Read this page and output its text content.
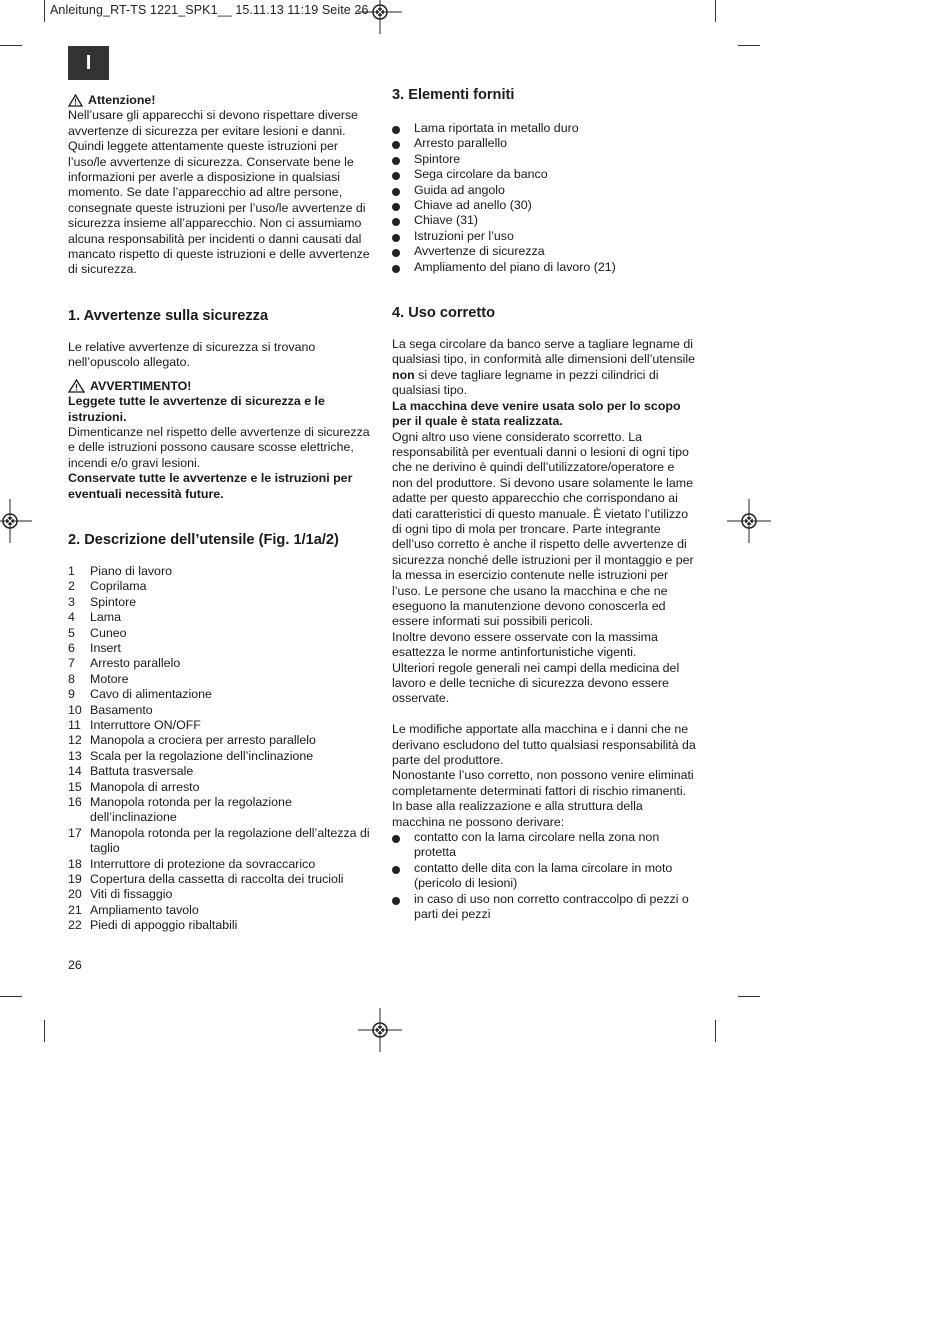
Anleitung_RT-TS 1221_SPK1__ 15.11.13 11:19 Seite 26
I
Attenzione!

Nell’usare gli apparecchi si devono rispettare diverse avvertenze di sicurezza per evitare lesioni e danni. Quindi leggete attentamente queste istruzioni per l’uso/le avvertenze di sicurezza. Conservate bene le informazioni per averle a disposizione in qualsiasi momento. Se date l’apparecchio ad altre persone, consegnate queste istruzioni per l’uso/le avvertenze di sicurezza insieme all’apparecchio. Non ci assumiamo alcuna responsabilità per incidenti o danni causati dal mancato rispetto di queste istruzioni e delle avvertenze di sicurezza.

1. Avvertenze sulla sicurezza

Le relative avvertenze di sicurezza si trovano nell’opuscolo allegato.

AVVERTIMENTO!

Leggete tutte le avvertenze di sicurezza e le istruzioni.

Dimenticanze nel rispetto delle avvertenze di sicurezza e delle istruzioni possono causare scosse elettriche, incendi e/o gravi lesioni.

Conservate tutte le avvertenze e le istruzioni per eventuali necessità future.

2. Descrizione dell’utensile (Fig. 1/1a/2)
1	Piano di lavoro
2	Coprilama
3	Spintore
4	Lama
5	Cuneo
6	Insert
7	Arresto parallelo
8	Motore
9	Cavo di alimentazione
10 Basamento
11 Interruttore ON/OFF
12 Manopola a crociera per arresto parallelo
13 Scala per la regolazione dell’inclinazione
14 Battuta trasversale
15 Manopola di arresto
16 Manopola rotonda per la regolazione dell’inclinazione
17 Manopola rotonda per la regolazione dell’altezza di taglio
18 Interruttore di protezione da sovraccarico
19 Copertura della cassetta di raccolta dei trucioli
20 Viti di fissaggio
21 Ampliamento tavolo
22 Piedi di appoggio ribaltabili
3. Elementi forniti
Lama riportata in metallo duro
Arresto parallello
Spintore
Sega circolare da banco
Guida ad angolo
Chiave ad anello (30)
Chiave (31)
Istruzioni per l’uso
Avvertenze di sicurezza
Ampliamento del piano di lavoro (21)
4. Uso corretto

La sega circolare da banco serve a tagliare legname di qualsiasi tipo, in conformità alle dimensioni dell’utensile non si deve tagliare legname in pezzi cilindrici di qualsiasi tipo.

La macchina deve venire usata solo per lo scopo per il quale è stata realizzata.

Ogni altro uso viene considerato scorretto. La responsabilità per eventuali danni o lesioni di ogni tipo che ne derivino è quindi dell’utilizzatore/operatore e non del produttore. Si devono usare solamente le lame adatte per questo apparecchio che corrispondano ai dati caratteristici di questo manuale. È vietato l’utilizzo di ogni tipo di mola per troncare. Parte integrante dell’uso corretto è anche il rispetto delle avvertenze di sicurezza nonché delle istruzioni per il montaggio e per la messa in esercizio contenute nelle istruzioni per l’uso. Le persone che usano la macchina e che ne eseguono la manutenzione devono conoscerla ed essere informati sui possibili pericoli.

Inoltre devono essere osservate con la massima esattezza le norme antinfortunistiche vigenti.

Ulteriori regole generali nei campi della medicina del lavoro e delle tecniche di sicurezza devono essere osservate.

Le modifiche apportate alla macchina e i danni che ne derivano escludono del tutto qualsiasi responsabilità da parte del produttore.

Nonostante l’uso corretto, non possono venire eliminati completamente determinati fattori di rischio rimanenti. In base alla realizzazione e alla struttura della macchina ne possono derivare:

contatto con la lama circolare nella zona non protetta
contatto delle dita con la lama circolare in moto (pericolo di lesioni)
in caso di uso non corretto contraccolpo di pezzi o parti dei pezzi
26
